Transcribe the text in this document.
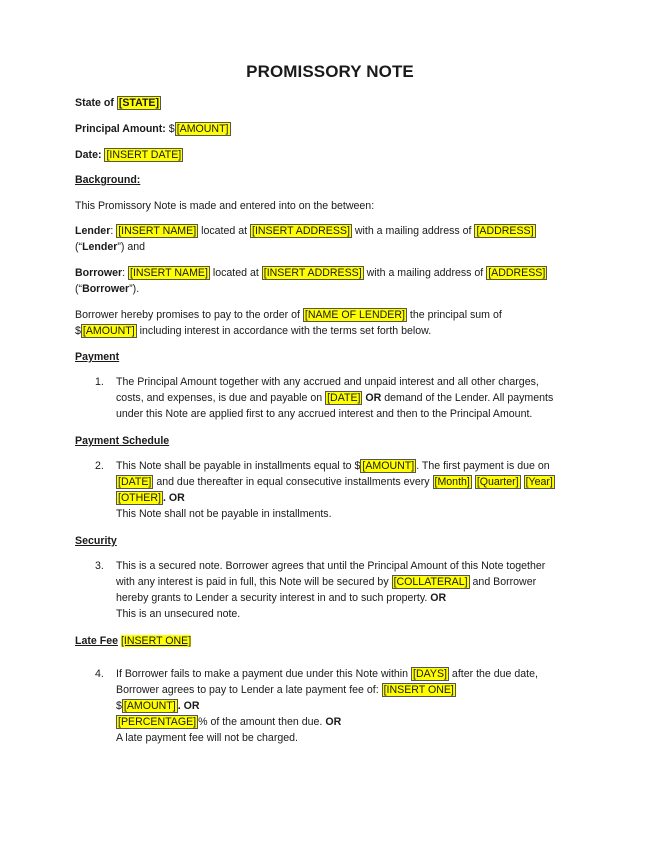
PROMISSORY NOTE
State of [STATE]
Principal Amount: $ [AMOUNT]
Date: [INSERT DATE]
Background:
This Promissory Note is made and entered into on the between:
Lender: [INSERT NAME] located at [INSERT ADDRESS] with a mailing address of [ADDRESS]
(“Lender”) and
Borrower: [INSERT NAME] located at [INSERT ADDRESS] with a mailing address of [ADDRESS]
(“Borrower”).
Borrower hereby promises to pay to the order of [NAME OF LENDER] the principal sum of
$ [AMOUNT] including interest in accordance with the terms set forth below.
Payment
1. The Principal Amount together with any accrued and unpaid interest and all other charges,
costs, and expenses, is due and payable on [DATE] OR demand of the Lender. All payments
under this Note are applied first to any accrued interest and then to the Principal Amount.
Payment Schedule
2. This Note shall be payable in installments equal to $ [AMOUNT] . The first payment is due on
[DATE] and due thereafter in equal consecutive installments every [Month] [Quarter] [Year]
[OTHER] . OR
This Note shall not be payable in installments.
Security
3. This is a secured note. Borrower agrees that until the Principal Amount of this Note together
with any interest is paid in full, this Note will be secured by [COLLATERAL] and Borrower
hereby grants to Lender a security interest in and to such property. OR
This is an unsecured note.
Late Fee [INSERT ONE]
4. If Borrower fails to make a payment due under this Note within [DAYS] after the due date,
Borrower agrees to pay to Lender a late payment fee of: [INSERT ONE]
$ [AMOUNT] . OR
[PERCENTAGE] % of the amount then due. OR
A late payment fee will not be charged.
